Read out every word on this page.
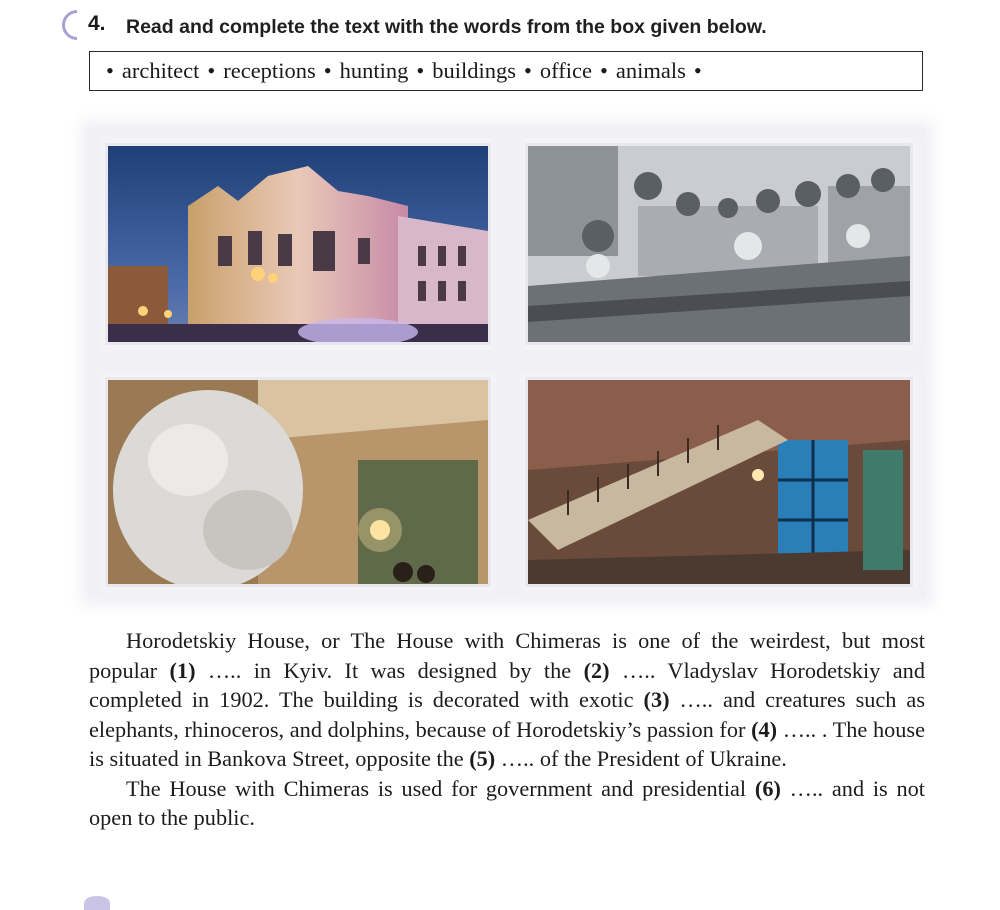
4. Read and complete the text with the words from the box given below.
• architect • receptions • hunting • buildings • office • animals •

Horodetskiy House, or The House with Chimeras is one of the weirdest, but most popular (1) ….. in Kyiv. It was designed by the (2) ….. Vladyslav Horodetskiy and completed in 1902. The building is decorated with exotic (3) ….. and creatures such as elephants, rhinoceros, and dolphins, because of Horodetskiy’s passion for (4) ….. . The house is situated in Bankova Street, opposite the (5) ….. of the President of Ukraine.

The House with Chimeras is used for government and presidential (6) ….. and is not open to the public.
